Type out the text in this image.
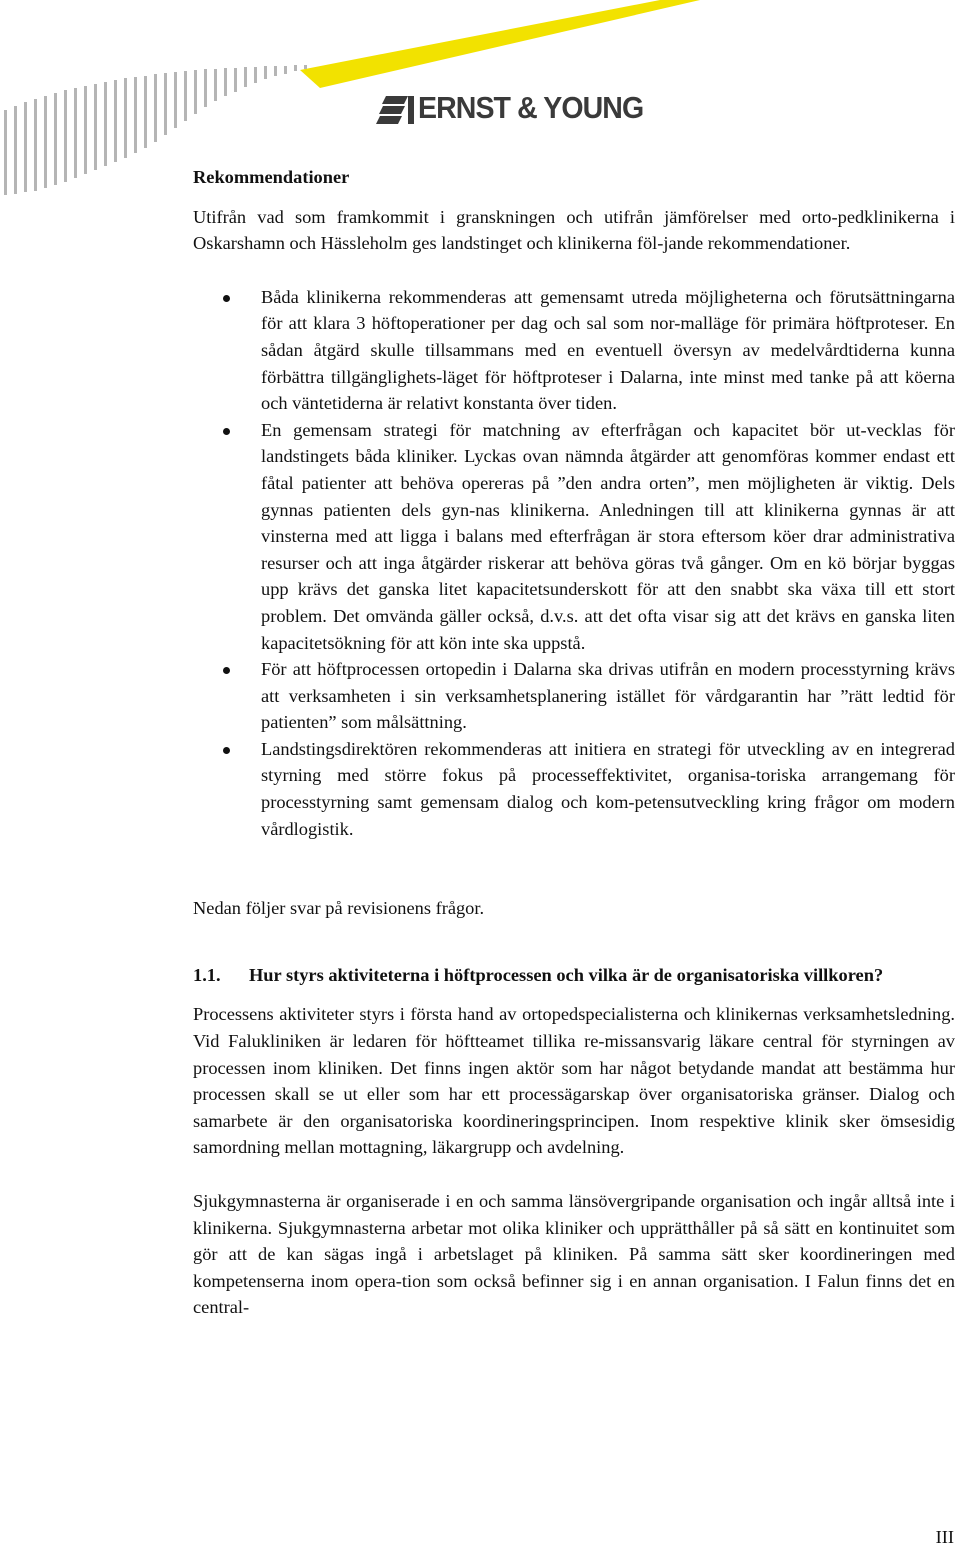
ERNST & YOUNG
Rekommendationer

Utifrån vad som framkommit i granskningen och utifrån jämförelser med orto-pedklinikerna i Oskarshamn och Hässleholm ges landstinget och klinikerna föl-jande rekommendationer.

Båda klinikerna rekommenderas att gemensamt utreda möjligheterna och förutsättningarna för att klara 3 höftoperationer per dag och sal som nor-malläge för primära höftproteser. En sådan åtgärd skulle tillsammans med en eventuell översyn av medelvårdtiderna kunna förbättra tillgänglighets-läget för höftproteser i Dalarna, inte minst med tanke på att köerna och väntetiderna är relativt konstanta över tiden.
En gemensam strategi för matchning av efterfrågan och kapacitet bör ut-vecklas för landstingets båda kliniker. Lyckas ovan nämnda åtgärder att genomföras kommer endast ett fåtal patienter att behöva opereras på ”den andra orten”, men möjligheten är viktig. Dels gynnas patienten dels gyn-nas klinikerna. Anledningen till att klinikerna gynnas är att vinsterna med att ligga i balans med efterfrågan är stora eftersom köer drar administrativa resurser och att inga åtgärder riskerar att behöva göras två gånger. Om en kö börjar byggas upp krävs det ganska litet kapacitetsunderskott för att den snabbt ska växa till ett stort problem. Det omvända gäller också, d.v.s. att det ofta visar sig att det krävs en ganska liten kapacitetsökning för att kön inte ska uppstå.
För att höftprocessen ortopedin i Dalarna ska drivas utifrån en modern processtyrning krävs att verksamheten i sin verksamhetsplanering istället för vårdgarantin har ”rätt ledtid för patienten” som målsättning.
Landstingsdirektören rekommenderas att initiera en strategi för utveckling av en integrerad styrning med större fokus på processeffektivitet, organisa-toriska arrangemang för processtyrning samt gemensam dialog och kom-petensutveckling kring frågor om modern vårdlogistik.

Nedan följer svar på revisionens frågor.

1.1.	Hur styrs aktiviteterna i höftprocessen och vilka är de organisatoriska villkoren?

Processens aktiviteter styrs i första hand av ortopedspecialisterna och klinikernas verksamhetsledning. Vid Falukliniken är ledaren för höftteamet tillika re-missansvarig läkare central för styrningen av processen inom kliniken. Det finns ingen aktör som har något betydande mandat att bestämma hur processen skall se ut eller som har ett processägarskap över organisatoriska gränser. Dialog och samarbete är den organisatoriska koordineringsprincipen. Inom respektive klinik sker ömsesidig samordning mellan mottagning, läkargrupp och avdelning.

Sjukgymnasterna är organiserade i en och samma länsövergripande organisation och ingår alltså inte i klinikerna. Sjukgymnasterna arbetar mot olika kliniker och upprätthåller på så sätt en kontinuitet som gör att de kan sägas ingå i arbetslaget på kliniken. På samma sätt sker koordineringen med kompetenserna inom opera-tion som också befinner sig i en annan organisation. I Falun finns det en central-

III
